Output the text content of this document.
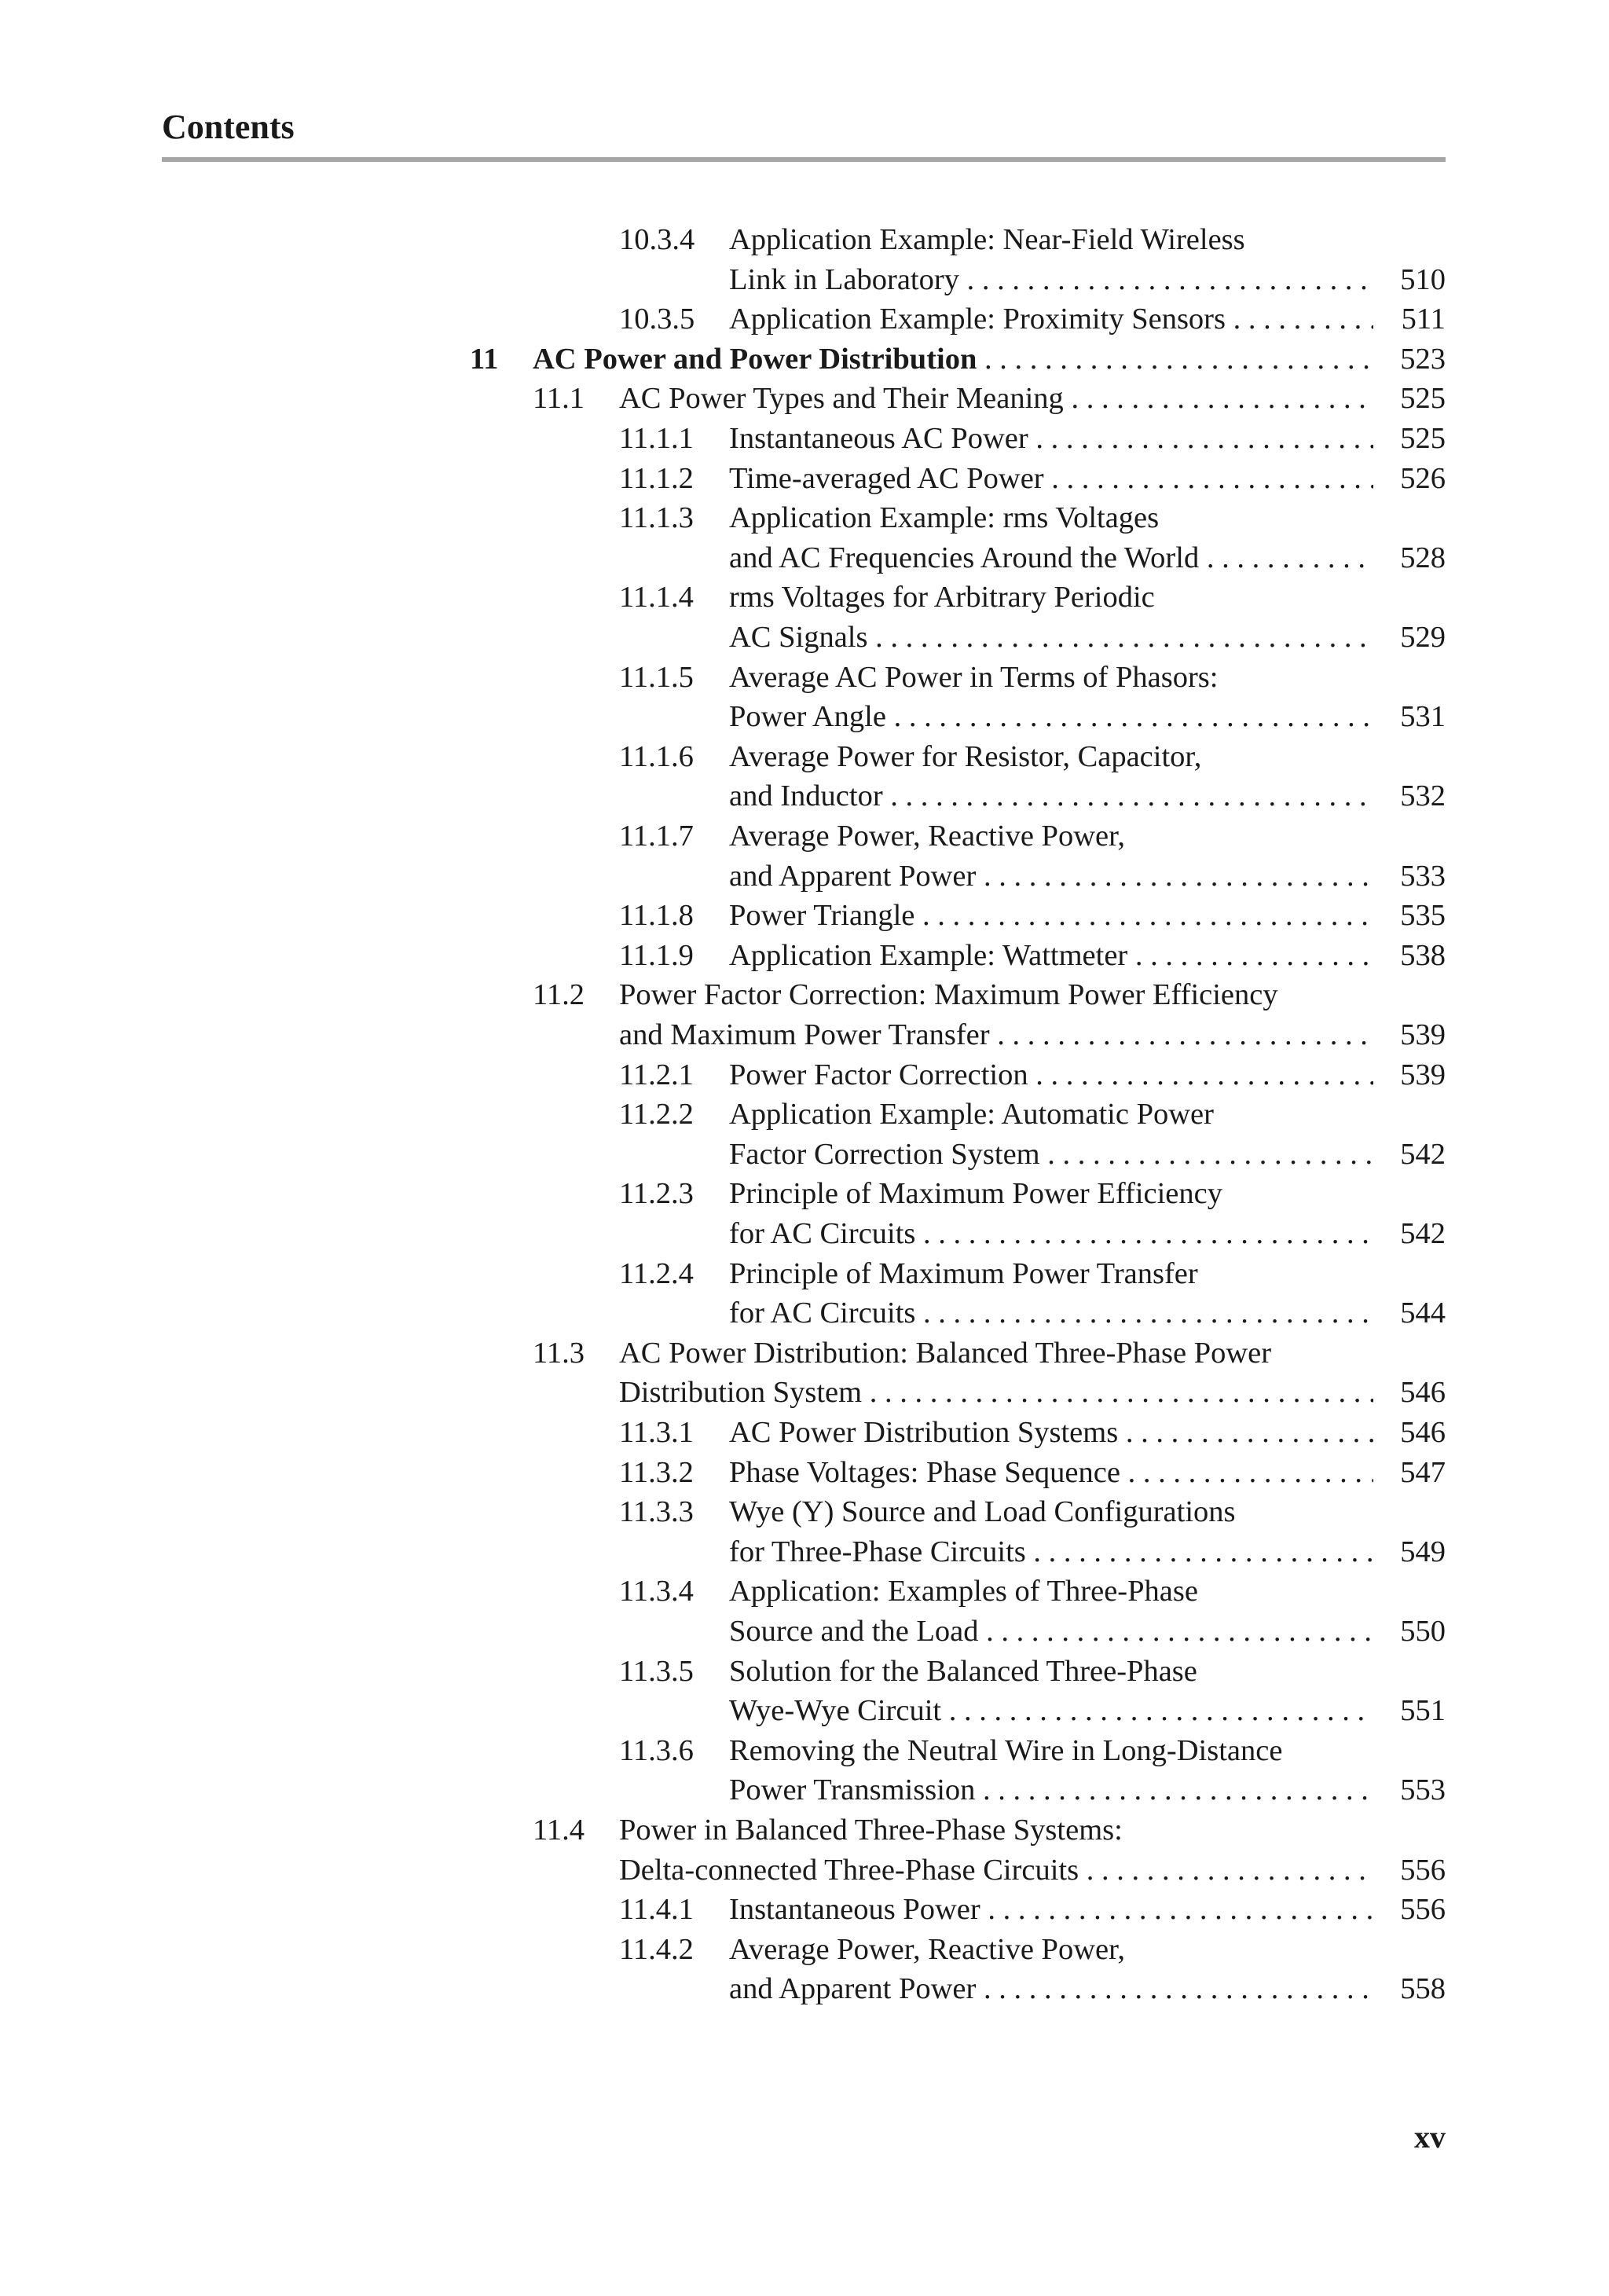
Contents
10.3.4 Application Example: Near-Field Wireless
Link in Laboratory . . .	510
10.3.5 Application Example: Proximity Sensors . . .	511
11 AC Power and Power Distribution . . .	523
11.1 AC Power Types and Their Meaning . . .	525
11.1.1 Instantaneous AC Power . . .	525
11.1.2 Time-averaged AC Power . . .	526
11.1.3 Application Example: rms Voltages
and AC Frequencies Around the World . . .	528
11.1.4 rms Voltages for Arbitrary Periodic
AC Signals . . .	529
11.1.5 Average AC Power in Terms of Phasors:
Power Angle . . .	531
11.1.6 Average Power for Resistor, Capacitor,
and Inductor . . .	532
11.1.7 Average Power, Reactive Power,
and Apparent Power . . .	533
11.1.8 Power Triangle . . .	535
11.1.9 Application Example: Wattmeter . . .	538
11.2 Power Factor Correction: Maximum Power Efficiency
and Maximum Power Transfer . . .	539
11.2.1 Power Factor Correction . . .	539
11.2.2 Application Example: Automatic Power
Factor Correction System . . .	542
11.2.3 Principle of Maximum Power Efficiency
for AC Circuits . . .	542
11.2.4 Principle of Maximum Power Transfer
for AC Circuits . . .	544
11.3 AC Power Distribution: Balanced Three-Phase Power
Distribution System . . .	546
11.3.1 AC Power Distribution Systems . . .	546
11.3.2 Phase Voltages: Phase Sequence . . .	547
11.3.3 Wye (Y) Source and Load Configurations
for Three-Phase Circuits . . .	549
11.3.4 Application: Examples of Three-Phase
Source and the Load . . .	550
11.3.5 Solution for the Balanced Three-Phase
Wye-Wye Circuit . . .	551
11.3.6 Removing the Neutral Wire in Long-Distance
Power Transmission . . .	553
11.4 Power in Balanced Three-Phase Systems:
Delta-connected Three-Phase Circuits . . .	556
11.4.1 Instantaneous Power . . .	556
11.4.2 Average Power, Reactive Power,
and Apparent Power . . .	558
xv
